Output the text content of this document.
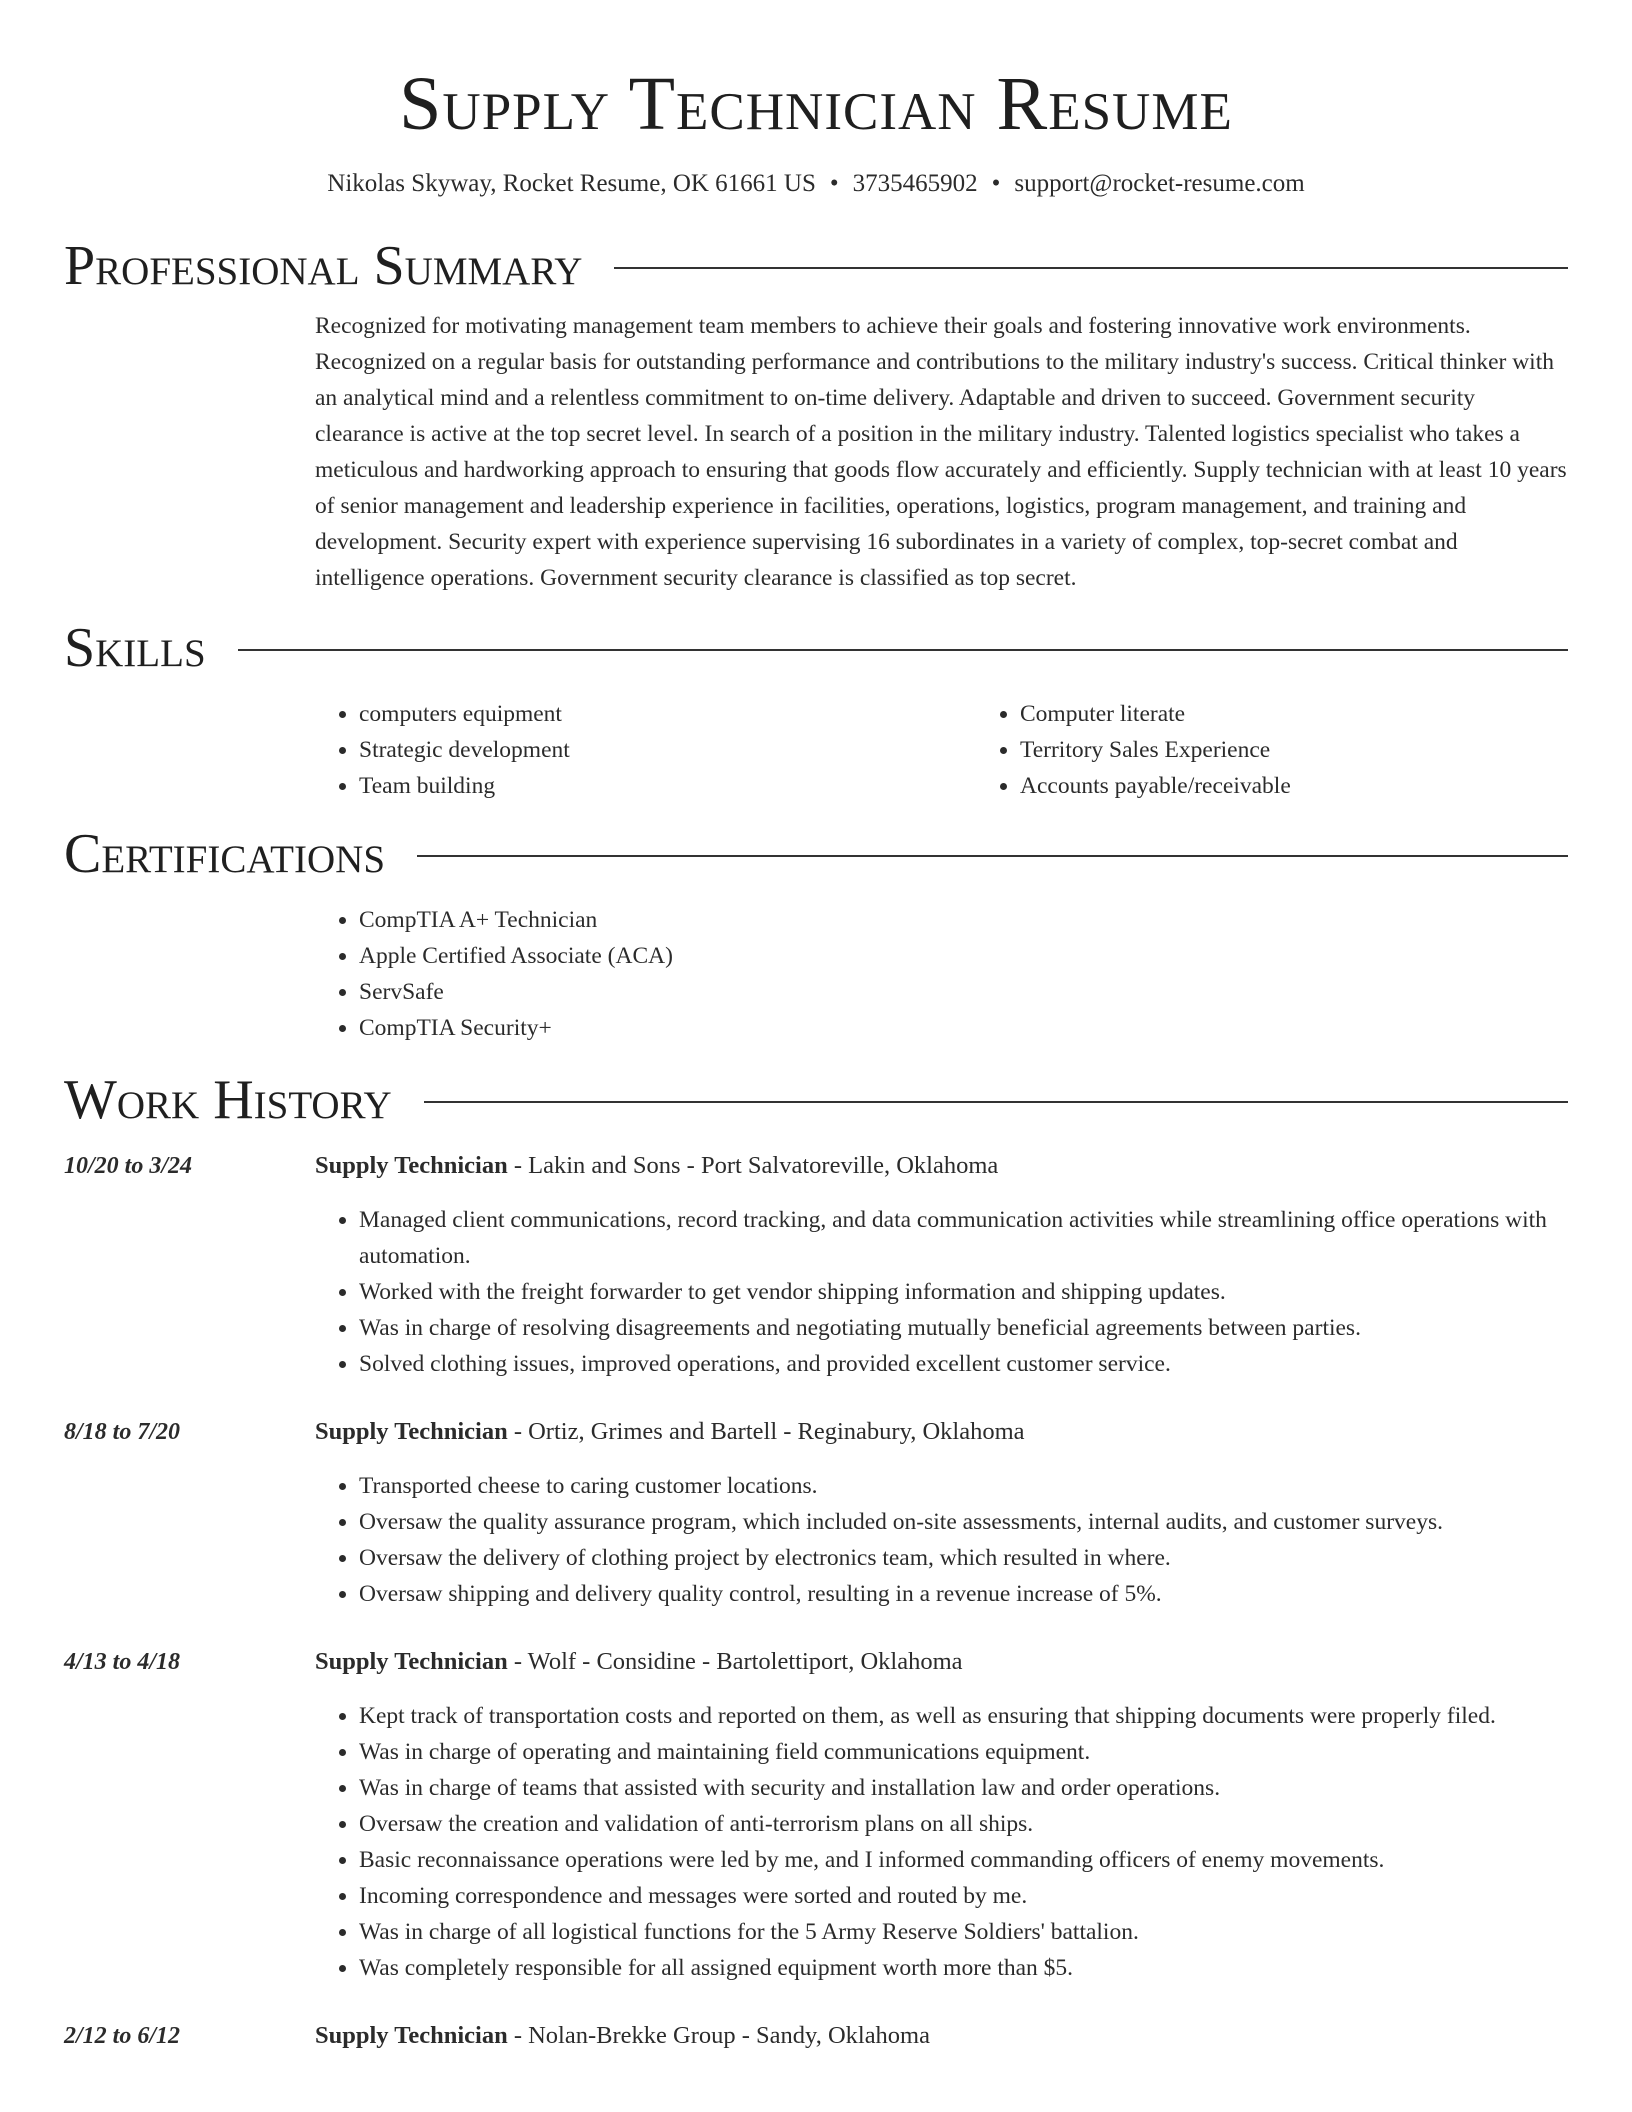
Supply Technician Resume
Nikolas Skyway, Rocket Resume, OK 61661 US • 3735465902 • support@rocket-resume.com
Professional Summary

Recognized for motivating management team members to achieve their goals and fostering innovative work environments. Recognized on a regular basis for outstanding performance and contributions to the military industry's success. Critical thinker with an analytical mind and a relentless commitment to on-time delivery. Adaptable and driven to succeed. Government security clearance is active at the top secret level. In search of a position in the military industry. Talented logistics specialist who takes a meticulous and hardworking approach to ensuring that goods flow accurately and efficiently. Supply technician with at least 10 years of senior management and leadership experience in facilities, operations, logistics, program management, and training and development. Security expert with experience supervising 16 subordinates in a variety of complex, top-secret combat and intelligence operations. Government security clearance is classified as top secret.

Skills
• computers equipment
• Strategic development
• Team building
• Computer literate
• Territory Sales Experience
• Accounts payable/receivable
Certifications
• CompTIA A+ Technician
• Apple Certified Associate (ACA)
• ServSafe
• CompTIA Security+
Work History
10/20 to 3/24	Supply Technician - Lakin and Sons - Port Salvatoreville, Oklahoma
• Managed client communications, record tracking, and data communication activities while streamlining office operations with automation.
• Worked with the freight forwarder to get vendor shipping information and shipping updates.
• Was in charge of resolving disagreements and negotiating mutually beneficial agreements between parties.
• Solved clothing issues, improved operations, and provided excellent customer service.
8/18 to 7/20	Supply Technician - Ortiz, Grimes and Bartell - Reginabury, Oklahoma
• Transported cheese to caring customer locations.
• Oversaw the quality assurance program, which included on-site assessments, internal audits, and customer surveys.
• Oversaw the delivery of clothing project by electronics team, which resulted in where.
• Oversaw shipping and delivery quality control, resulting in a revenue increase of 5%.
4/13 to 4/18	Supply Technician - Wolf - Considine - Bartolettiport, Oklahoma
• Kept track of transportation costs and reported on them, as well as ensuring that shipping documents were properly filed.
• Was in charge of operating and maintaining field communications equipment.
• Was in charge of teams that assisted with security and installation law and order operations.
• Oversaw the creation and validation of anti-terrorism plans on all ships.
• Basic reconnaissance operations were led by me, and I informed commanding officers of enemy movements.
• Incoming correspondence and messages were sorted and routed by me.
• Was in charge of all logistical functions for the 5 Army Reserve Soldiers' battalion.
• Was completely responsible for all assigned equipment worth more than $5.
2/12 to 6/12	Supply Technician - Nolan-Brekke Group - Sandy, Oklahoma
